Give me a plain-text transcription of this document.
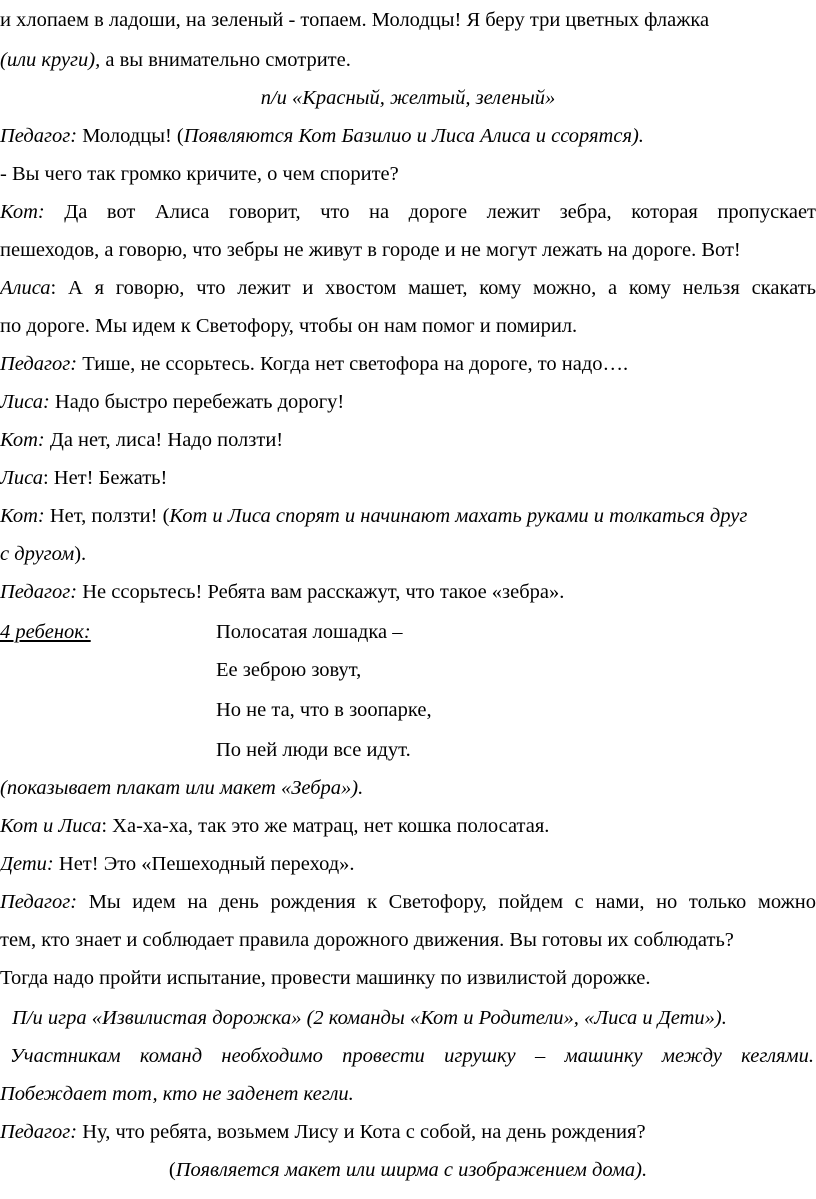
и хлопаем в ладоши, на зеленый - топаем. Молодцы! Я беру три цветных флажка
(или круги), а вы внимательно смотрите.
п/и «Красный, желтый, зеленый»
Педагог: Молодцы! (Появляются Кот Базилио и Лиса Алиса и ссорятся).
- Вы чего так громко кричите, о чем спорите?
Кот: Да вот Алиса говорит, что на дороге лежит зебра, которая пропускает
пешеходов, а говорю, что зебры не живут в городе и не могут лежать на дороге. Вот!
Алиса: А я говорю, что лежит и хвостом машет, кому можно, а кому нельзя скакать
по дороге. Мы идем к Светофору, чтобы он нам помог и помирил.
Педагог: Тише, не ссорьтесь. Когда нет светофора на дороге, то надо….
Лиса: Надо быстро перебежать дорогу!
Кот: Да нет, лиса! Надо ползти!
Лиса: Нет! Бежать!
Кот: Нет, ползти! (Кот и Лиса спорят и начинают махать руками и толкаться друг
с другом).
Педагог: Не ссорьтесь! Ребята вам расскажут, что такое «зебра».
4 ребенок:	Полосатая лошадка –
Ее зеброю зовут,
Но не та, что в зоопарке,
По ней люди все идут.
(показывает плакат или макет «Зебра»).
Кот и Лиса: Ха-ха-ха, так это же матрац, нет кошка полосатая.
Дети: Нет! Это «Пешеходный переход».
Педагог: Мы идем на день рождения к Светофору, пойдем с нами, но только можно
тем, кто знает и соблюдает правила дорожного движения. Вы готовы их соблюдать?
Тогда надо пройти испытание, провести машинку по извилистой дорожке.
П/и игра «Извилистая дорожка» (2 команды «Кот и Родители», «Лиса и Дети»).
Участникам команд необходимо провести игрушку – машинку между кеглями.
Побеждает тот, кто не заденет кегли.
Педагог: Ну, что ребята, возьмем Лису и Кота с собой, на день рождения?
(Появляется макет или ширма с изображением дома).
